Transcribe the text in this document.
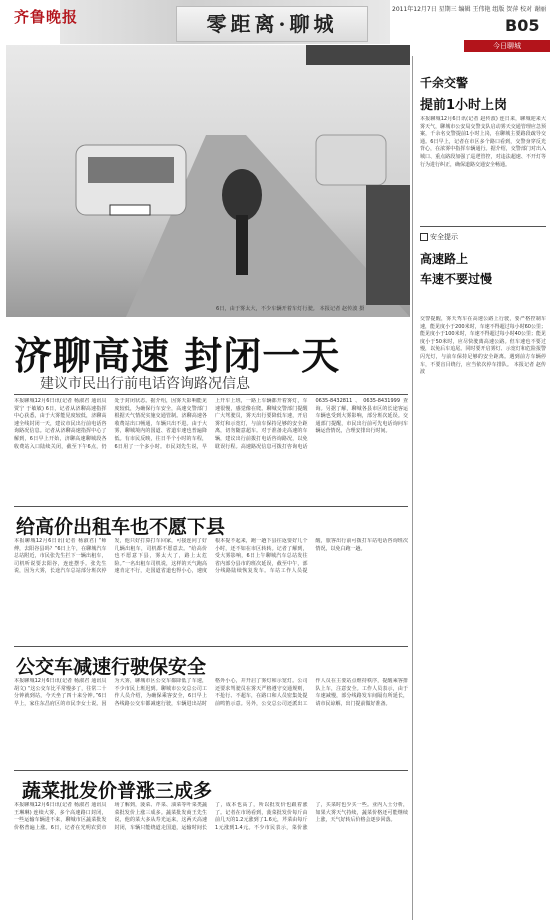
齐鲁晚报	零距离·聊城
2011年12月7日 星期三 编辑 王伟艳 组版 贺萍 校对 谢丽
B05
今日聊城
6日，由于雾太大，不少车辆开着车灯行驶。 本报记者 赵传波 摄
济聊高速 封闭一天
建议市民出行前电话咨询路况信息
本报聊城12月6日讯(记者 杨淑君 通讯员 贾宁 于敏敏) 6日，记者从济聊高速指挥中心获悉，由于大雾能见度较低，济聊高速全线封闭一天，建议市民出行前电话咨询路况信息。记者从济聊高速指挥中心了解到，6日早上开始，济聊高速聊城段各收费站入口陆续关闭，截至下午6点，仍处于封闭状态。据介绍，因雾天影响能见度较低，为确保行车安全，高速交警部门根据天气情况实施交通管制。济聊高速各收费站出口畅通，车辆只出不进。由于大雾，聊城境内的国道、省道车速也普遍降低。有市民反映，往日半个小时的车程，6日用了一个多小时。市民刘先生说，早上开车上班，一路上车辆都开着雾灯，车速很慢，感觉像在爬。聊城交警部门提醒广大驾驶员，雾天出行要降低车速，开启雾灯和示宽灯，与前车保持足够的安全距离，切勿随意超车。对于准备走高速的车辆，建议出行前拨打电话咨询路况，以免耽误行程。高速路况信息可拨打咨询电话0635-8432811、0635-8431999查询。另据了解，聊城各县市区的长途客运车辆也受到大雾影响，部分班次延误。交通部门提醒，市民出行前可先电话询问车辆运营情况，合理安排出行时间。
给高价出租车也不愿下县
本报聊城12月6日讯(记者 杨淑君) “师傅，去阳谷县吗？”6日上午，在聊城汽车总站附近，市民张先生拦下一辆出租车，司机听说要去阳谷，连连摆手。张先生说，因为大雾，长途汽车总站部分班次停发，他只好打算打车回家，可接连问了好几辆出租车，司机都不愿意去。“给高价也不愿意下县，雾太大了，路上太危险。”一名出租车司机说，这样的天气跑高速肯定不行，走国道省道也得小心，速度根本提不起来，跑一趟下县往返要好几个小时，还不如在市区转转。记者了解到，受大雾影响，6日上午聊城汽车总站发往省内部分县市的班次延误，截至中午，部分线路陆续恢复发车。车站工作人员提醒，旅客出行前可拨打车站电话咨询班次情况，以免白跑一趟。
公交车减速行驶保安全
本报聊城12月6日讯(记者 杨淑君 通讯员 胡文) “这公交车比平常慢多了，往常二十分钟就到站，今天坐了四十来分钟。”6日早上，家住东昌府区的市民李女士说。因为大雾，聊城市区公交车都降低了车速，不少市民上班迟到。聊城市公交总公司工作人员介绍，为确保乘客安全，6日早上各线路公交车都减速行驶，车辆进出站时格外小心，并开启了雾灯和示宽灯。公司还要求驾驶员在雾天严格遵守交通规则，不抢行、不超车，在路口和人员密集处提前鸣笛示意。另外，公交总公司还派出工作人员在主要站点维持秩序，提醒乘客排队上车，注意安全。工作人员表示，由于车速减慢，部分线路发车间隔有所延长，请市民谅解，出门提前做好准备。
蔬菜批发价普涨三成多
本报聊城12月6日讯(记者 杨淑君 通讯员 王琳琳) 连续大雾，多个高速路口封闭，一些运输车辆进不来，聊城市区蔬菜批发价格普遍上涨。6日，记者在光明农贸市场了解到，菠菜、芹菜、油菜等叶菜类蔬菜批发价上涨三成多。蔬菜批发商王先生说，他的菜大多从寿光运来，这两天高速封闭，车辆只能绕道走国道，运输时间长了，成本也高了，所以批发价也跟着涨了。记者在市场看到，菠菜批发价每斤由前几天的1.2元涨到了1.6元，芹菜由每斤1元涨到1.4元。不少市民表示，菜价涨了，买菜时也少买一些。业内人士分析，如果大雾天气持续，蔬菜价格还可能继续上涨，天气好转后价格会逐步回落。
千余交警
提前1小时上岗
本报聊城12月6日讯(记者 赵传波) 连日来，聊城迎来大雾天气，聊城市公安局交警支队启动雾天交通管理应急预案，千余名交警提前1小时上岗，在聊城主要路段疏导交通。6日早上，记者在市区多个路口看到，交警身穿反光背心，在浓雾中指挥车辆通行。据介绍，交警部门对出入城口、重点路段加强了巡逻管控，对违法超速、不开灯等行为进行纠正，确保道路交通安全畅通。
安全提示
高速路上
车速不要过慢
交警提醒，雾天驾车在高速公路上行驶，要严格控制车速，能见度小于200米时，车速不得超过每小时60公里；能见度小于100米时，车速不得超过每小时40公里；能见度小于50米时，应尽快驶离高速公路。但车速也不要过慢，以免后车追尾。同时要开启雾灯、示宽灯和危险报警闪光灯，与前车保持足够的安全距离。遇到前方车辆停车，不要盲目绕行，应当依次停车排队。 本报记者 赵传波
